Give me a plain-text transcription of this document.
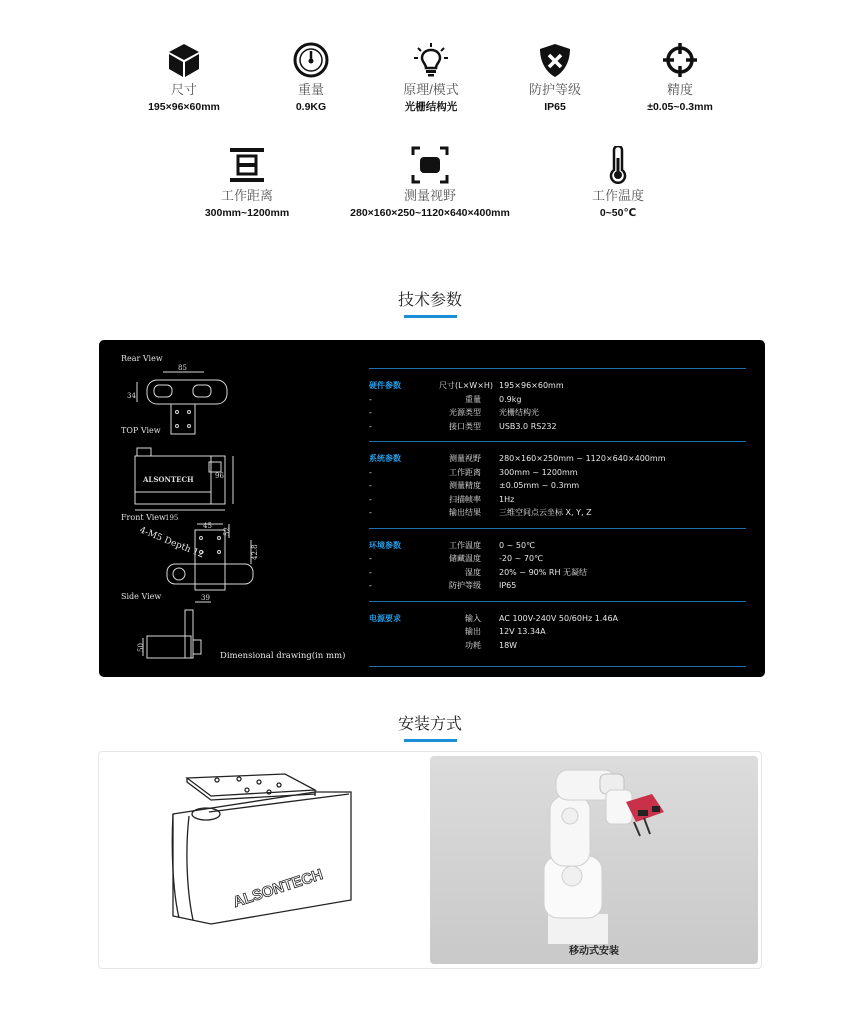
尺寸
195×96×60mm
重量
0.9KG
原理/模式
光栅结构光
防护等级
IP65
精度
±0.05~0.3mm
工作距离
300mm~1200mm
测量视野
280×160×250~1120×640×400mm
工作温度
0~50℃
技术参数
Rear View
85
34
TOP View
ALSONTECH
195
96
Front View
4-M5 Depth 12
45
52
42.8
39
Side View
50
Dimensional drawing(in mm)
硬件参数	尺寸(L×W×H) 195×96×60mm
-	重量	0.9kg
-	光源类型	光栅结构光
-	接口类型	USB3.0 RS232
系统参数	测量视野	280×160×250mm ~ 1120×640×400mm
-	工作距离	300mm ~ 1200mm
-	测量精度	±0.05mm ~ 0.3mm
-	扫描帧率	1Hz
-	输出结果	三维空间点云坐标 X, Y, Z
环境参数	工作温度	0 ~ 50℃
-	储藏温度	-20 ~ 70℃
-	湿度	20% ~ 90% RH 无凝结
-	防护等级	IP65
电源要求	输入	AC 100V-240V 50/60Hz 1.46A
输出	12V 13.34A
功耗	18W
安装方式
ALSONTECH
移动式安装
